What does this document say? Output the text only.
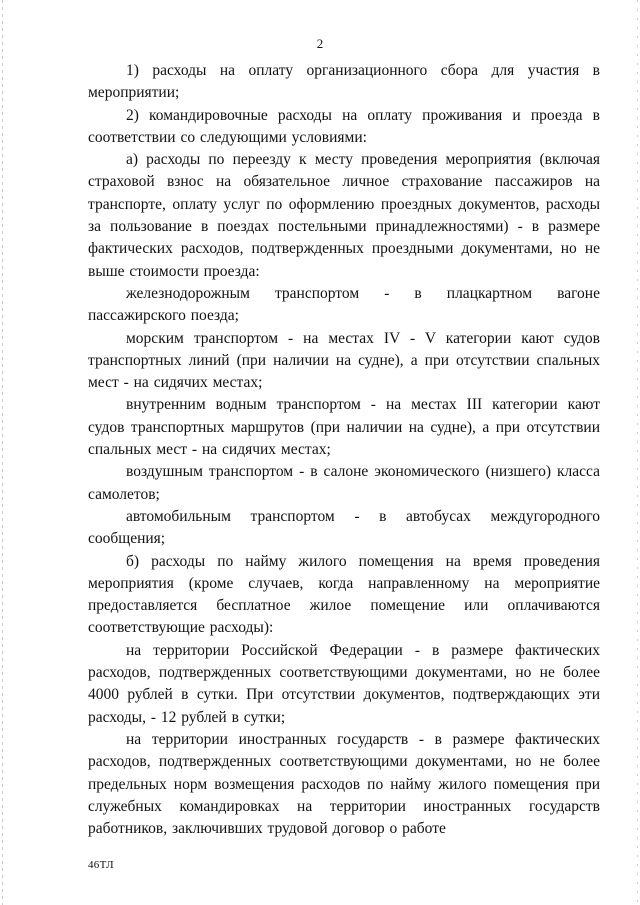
2

1) расходы на оплату организационного сбора для участия в мероприятии;

2) командировочные расходы на оплату проживания и проезда в соответствии со следующими условиями:

а) расходы по переезду к месту проведения мероприятия (включая страховой взнос на обязательное личное страхование пассажиров на транспорте, оплату услуг по оформлению проездных документов, расходы за пользование в поездах постельными принадлежностями) - в размере фактических расходов, подтвержденных проездными документами, но не выше стоимости проезда:

железнодорожным транспортом - в плацкартном вагоне пассажирского поезда;

морским транспортом - на местах IV - V категории кают судов транспортных линий (при наличии на судне), а при отсутствии спальных мест - на сидячих местах;

внутренним водным транспортом - на местах III категории кают судов транспортных маршрутов (при наличии на судне), а при отсутствии спальных мест - на сидячих местах;

воздушным транспортом - в салоне экономического (низшего) класса самолетов;

автомобильным транспортом - в автобусах междугородного сообщения;

б) расходы по найму жилого помещения на время проведения мероприятия (кроме случаев, когда направленному на мероприятие предоставляется бесплатное жилое помещение или оплачиваются соответствующие расходы):

на территории Российской Федерации - в размере фактических расходов, подтвержденных соответствующими документами, но не более 4000 рублей в сутки. При отсутствии документов, подтверждающих эти расходы, - 12 рублей в сутки;

на территории иностранных государств - в размере фактических расходов, подтвержденных соответствующими документами, но не более предельных норм возмещения расходов по найму жилого помещения при служебных командировках на территории иностранных государств работников, заключивших трудовой договор о работе

46ТЛ
